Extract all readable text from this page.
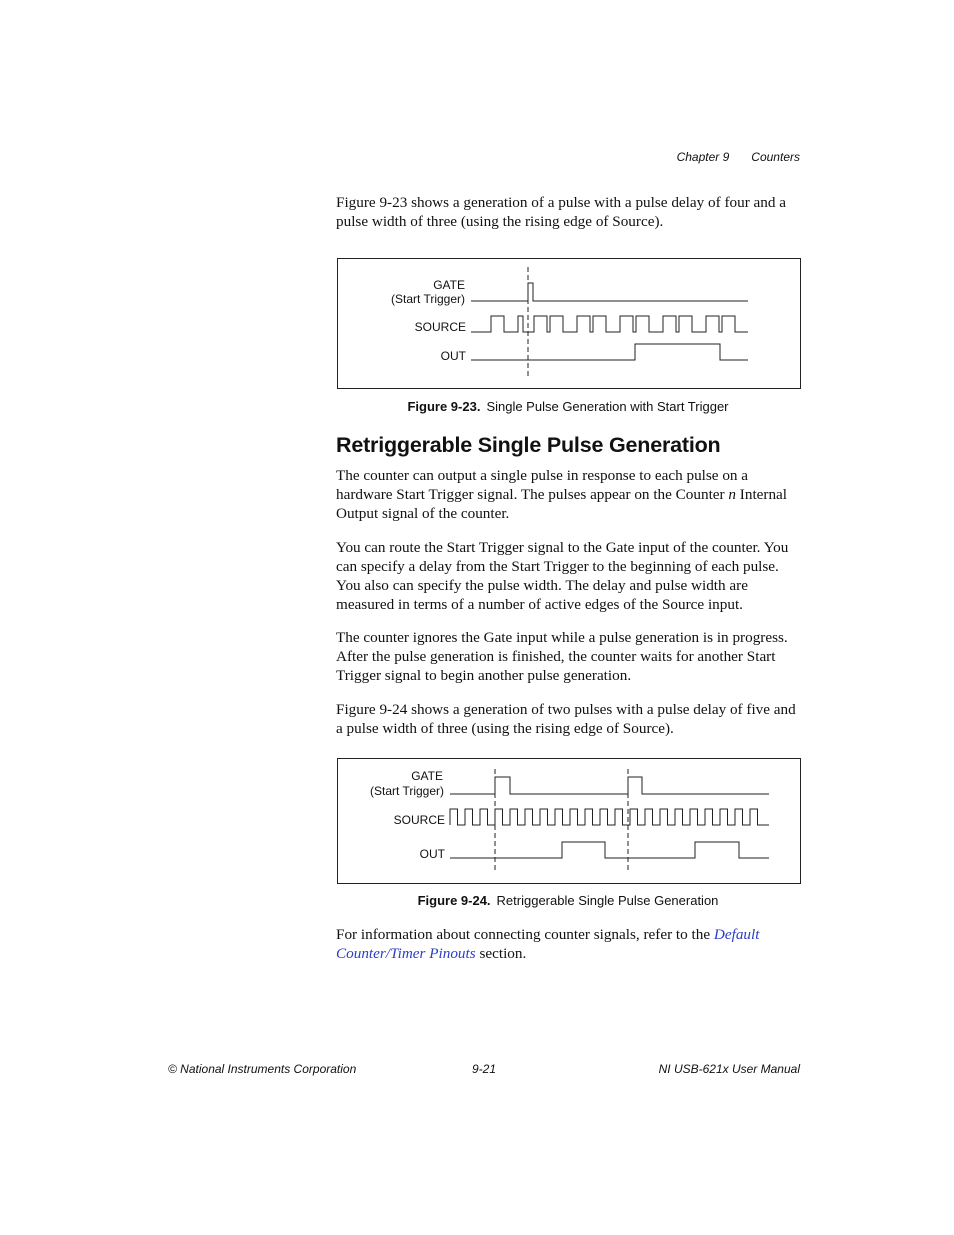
Chapter 9 Counters

Figure 9-23 shows a generation of a pulse with a pulse delay of four and a pulse width of three (using the rising edge of Source).

GATE
(Start Trigger)
SOURCE
OUT
Figure 9-23. Single Pulse Generation with Start Trigger
Retriggerable Single Pulse Generation

The counter can output a single pulse in response to each pulse on a hardware Start Trigger signal. The pulses appear on the Counter n Internal Output signal of the counter.

You can route the Start Trigger signal to the Gate input of the counter. You can specify a delay from the Start Trigger to the beginning of each pulse. You also can specify the pulse width. The delay and pulse width are measured in terms of a number of active edges of the Source input.

The counter ignores the Gate input while a pulse generation is in progress. After the pulse generation is finished, the counter waits for another Start Trigger signal to begin another pulse generation.

Figure 9-24 shows a generation of two pulses with a pulse delay of five and a pulse width of three (using the rising edge of Source).

GATE
(Start Trigger)
SOURCE
OUT
Figure 9-24. Retriggerable Single Pulse Generation

For information about connecting counter signals, refer to the Default Counter/Timer Pinouts section.

© National Instruments Corporation	9-21	NI USB-621x User Manual
